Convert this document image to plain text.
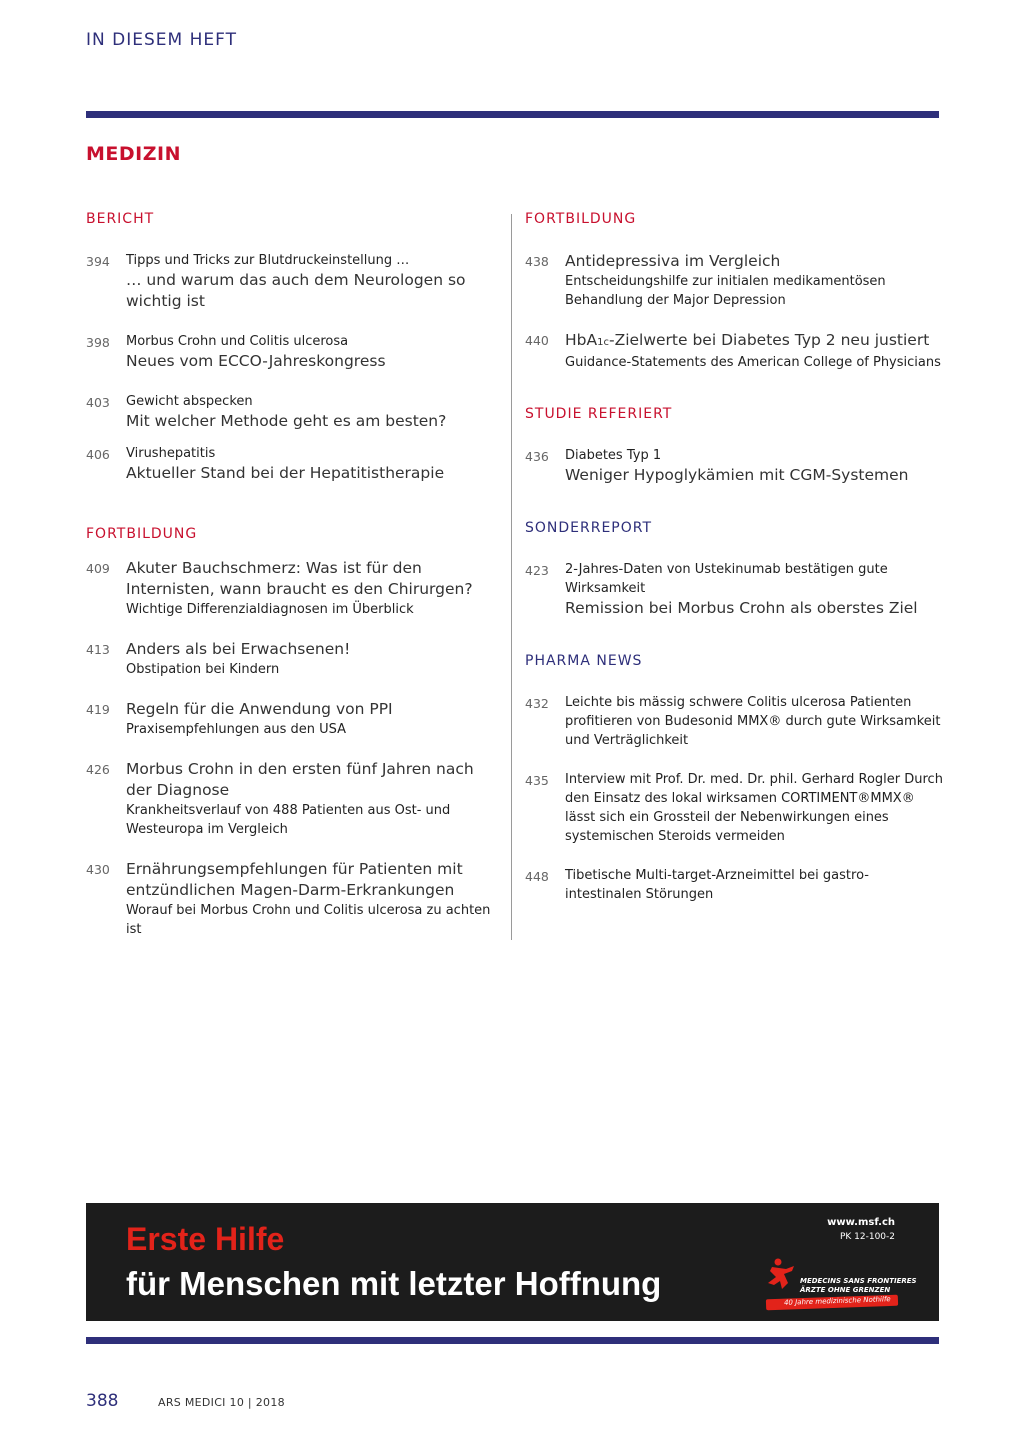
IN DIESEM HEFT
MEDIZIN
BERICHT
394	Tipps und Tricks zur Blutdruckeinstellung …
… und warum das auch dem Neurologen so wichtig ist
398	Morbus Crohn und Colitis ulcerosa
Neues vom ECCO-Jahreskongress
403	Gewicht abspecken
Mit welcher Methode geht es am besten?
406	Virushepatitis
Aktueller Stand bei der Hepatitistherapie
FORTBILDUNG
409	Akuter Bauchschmerz: Was ist für den Internisten, wann braucht es den Chirurgen?
Wichtige Differenzialdiagnosen im Überblick
413	Anders als bei Erwachsenen!
Obstipation bei Kindern
419	Regeln für die Anwendung von PPI
Praxisempfehlungen aus den USA
426	Morbus Crohn in den ersten fünf Jahren nach der Diagnose
Krankheitsverlauf von 488 Patienten aus Ost- und Westeuropa im Vergleich
430	Ernährungsempfehlungen für Patienten mit entzündlichen Magen-Darm-Erkrankungen
Worauf bei Morbus Crohn und Colitis ulcerosa zu achten ist
FORTBILDUNG
438	Antidepressiva im Vergleich
Entscheidungshilfe zur initialen medikamentösen Behandlung der Major Depression
440	HbA1c-Zielwerte bei Diabetes Typ 2 neu justiert
Guidance-Statements des American College of Physicians
STUDIE REFERIERT
436	Diabetes Typ 1
Weniger Hypoglykämien mit CGM-Systemen
SONDERREPORT
423	2-Jahres-Daten von Ustekinumab bestätigen gute Wirksamkeit
Remission bei Morbus Crohn als oberstes Ziel
PHARMA NEWS
432	Leichte bis mässig schwere Colitis ulcerosa Patienten profitieren von Budesonid MMX® durch gute Wirksamkeit und Verträglichkeit
435	Interview mit Prof. Dr. med. Dr. phil. Gerhard Rogler Durch den Einsatz des lokal wirksamen CORTIMENT®MMX® lässt sich ein Grossteil der Nebenwirkungen eines systemischen Steroids vermeiden
448	Tibetische Multi-target-Arzneimittel bei gastro-intestinalen Störungen
Erste Hilfe
für Menschen mit letzter Hoffnung
www.msf.ch
PK 12-100-2
MEDECINS SANS FRONTIERES
ÄRZTE OHNE GRENZEN
40 Jahre medizinische Nothilfe
388	ARS MEDICI 10 | 2018
